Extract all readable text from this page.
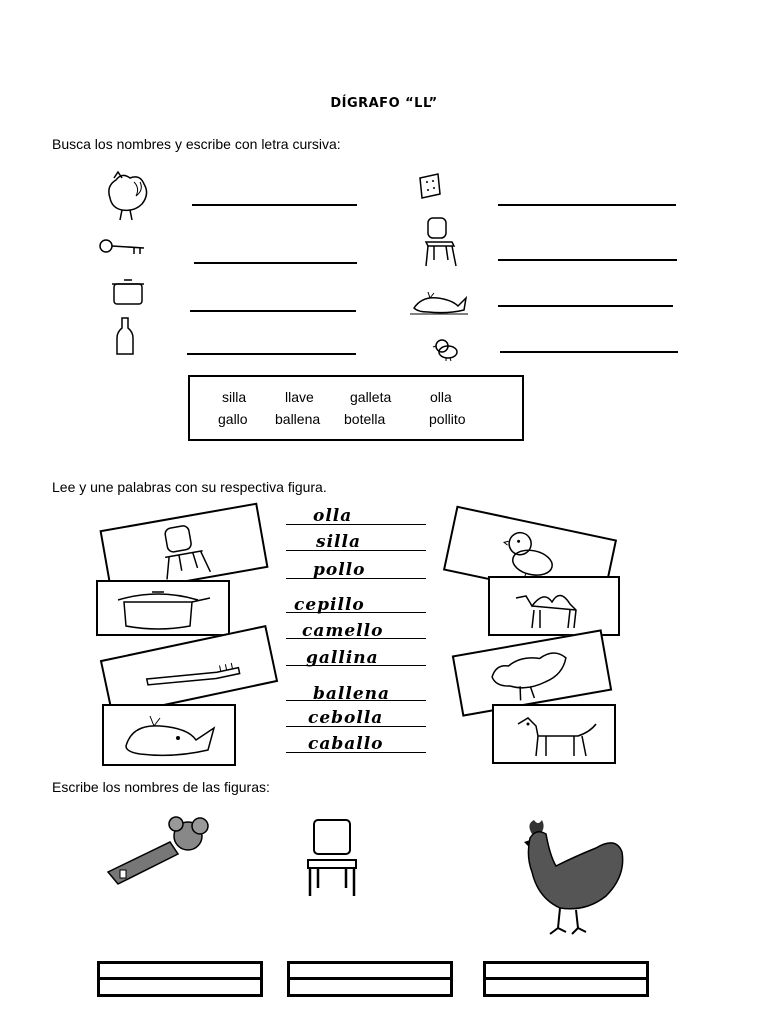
DÍGRAFO “LL”
Busca los nombres y escribe con letra cursiva:
silla	llave	galleta	olla
gallo ballena botella	pollito
Lee y une palabras con su respectiva figura.
olla
silla
pollo
cepillo
camello
gallina
ballena
cebolla
caballo
Escribe los nombres de las figuras:
